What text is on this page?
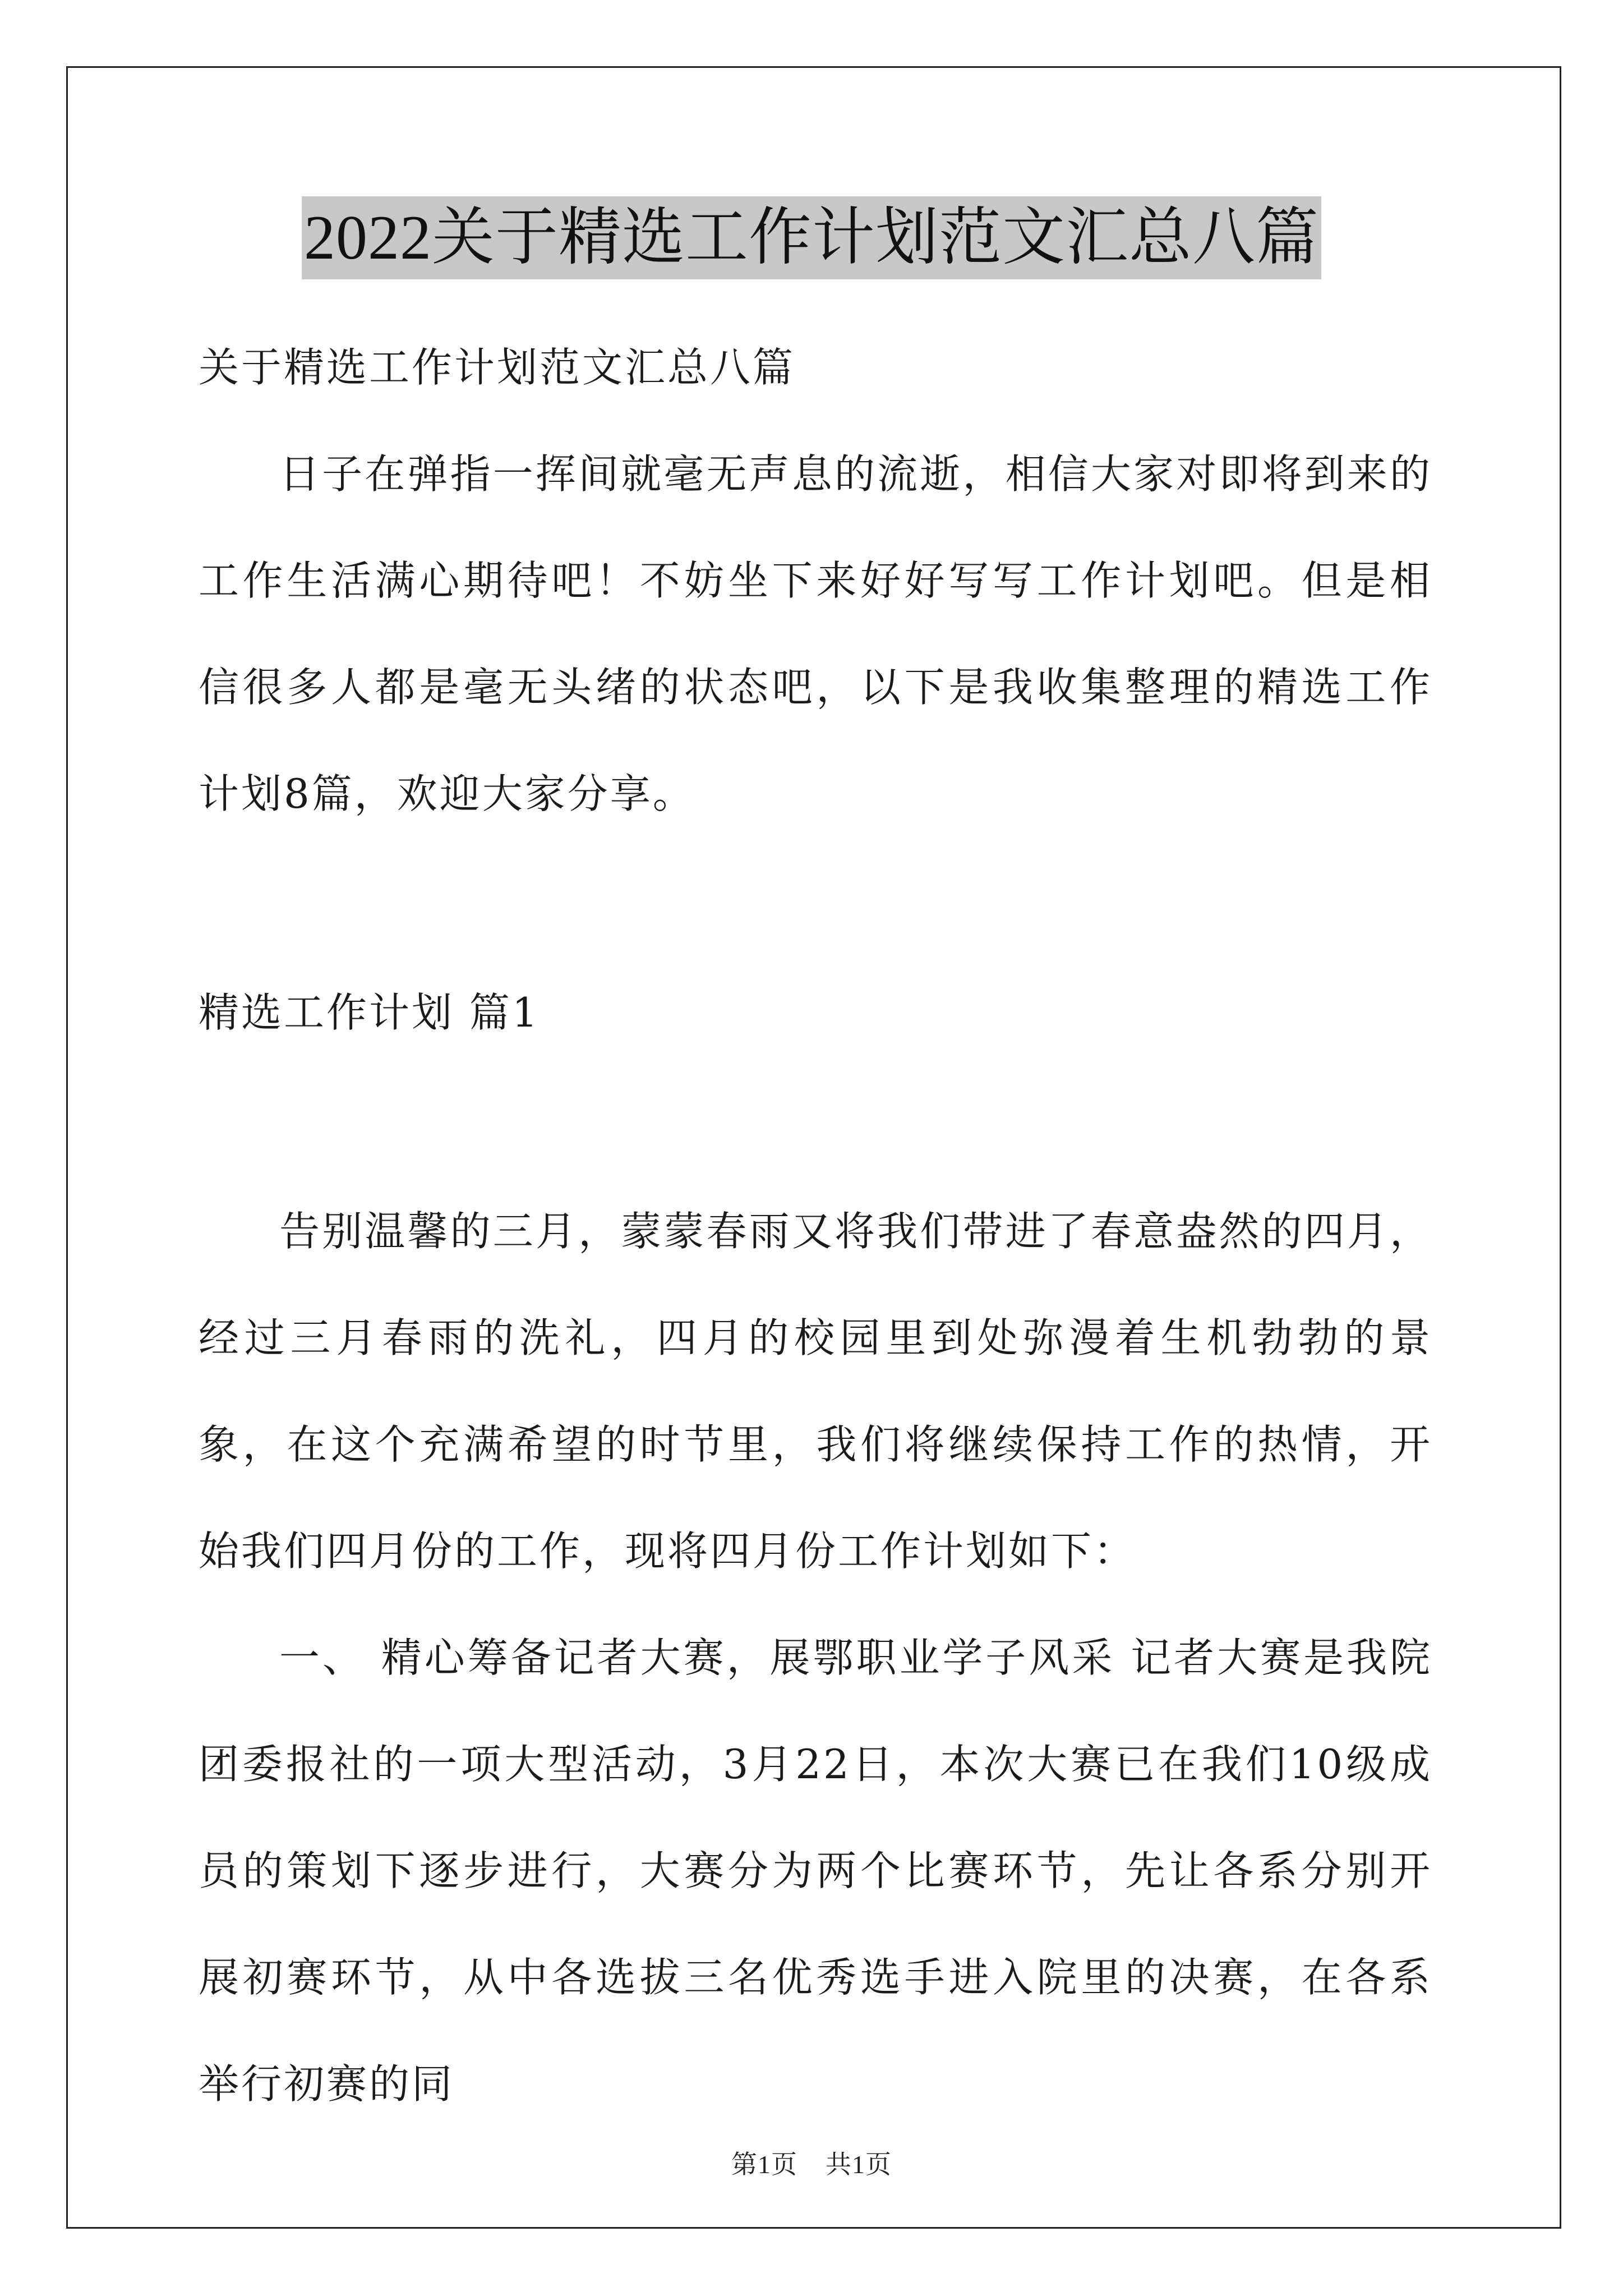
2022关于精选工作计划范文汇总八篇

关于精选工作计划范文汇总八篇

日子在弹指一挥间就毫无声息的流逝，相信大家对即将到来的工作生活满心期待吧！不妨坐下来好好写写工作计划吧。但是相信很多人都是毫无头绪的状态吧，以下是我收集整理的精选工作计划8篇，欢迎大家分享。

精选工作计划 篇1

告别温馨的三月，蒙蒙春雨又将我们带进了春意盎然的四月，经过三月春雨的洗礼，四月的校园里到处弥漫着生机勃勃的景象，在这个充满希望的时节里，我们将继续保持工作的热情，开始我们四月份的工作，现将四月份工作计划如下：

一、 精心筹备记者大赛，展鄂职业学子风采 记者大赛是我院团委报社的一项大型活动，3月22日，本次大赛已在我们10级成员的策划下逐步进行，大赛分为两个比赛环节，先让各系分别开展初赛环节，从中各选拔三名优秀选手进入院里的决赛，在各系举行初赛的同

第1页 共1页
